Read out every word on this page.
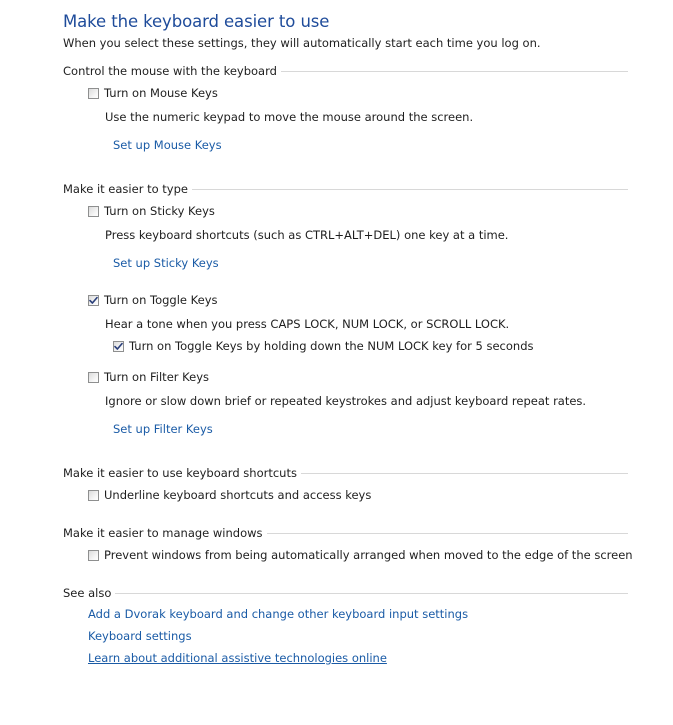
Make the keyboard easier to use
When you select these settings, they will automatically start each time you log on.
Control the mouse with the keyboard
Turn on Mouse Keys
Use the numeric keypad to move the mouse around the screen.
Set up Mouse Keys
Make it easier to type
Turn on Sticky Keys
Press keyboard shortcuts (such as CTRL+ALT+DEL) one key at a time.
Set up Sticky Keys
Turn on Toggle Keys
Hear a tone when you press CAPS LOCK, NUM LOCK, or SCROLL LOCK.
Turn on Toggle Keys by holding down the NUM LOCK key for 5 seconds
Turn on Filter Keys
Ignore or slow down brief or repeated keystrokes and adjust keyboard repeat rates.
Set up Filter Keys
Make it easier to use keyboard shortcuts
Underline keyboard shortcuts and access keys
Make it easier to manage windows
Prevent windows from being automatically arranged when moved to the edge of the screen
See also
Add a Dvorak keyboard and change other keyboard input settings
Keyboard settings
Learn about additional assistive technologies online
